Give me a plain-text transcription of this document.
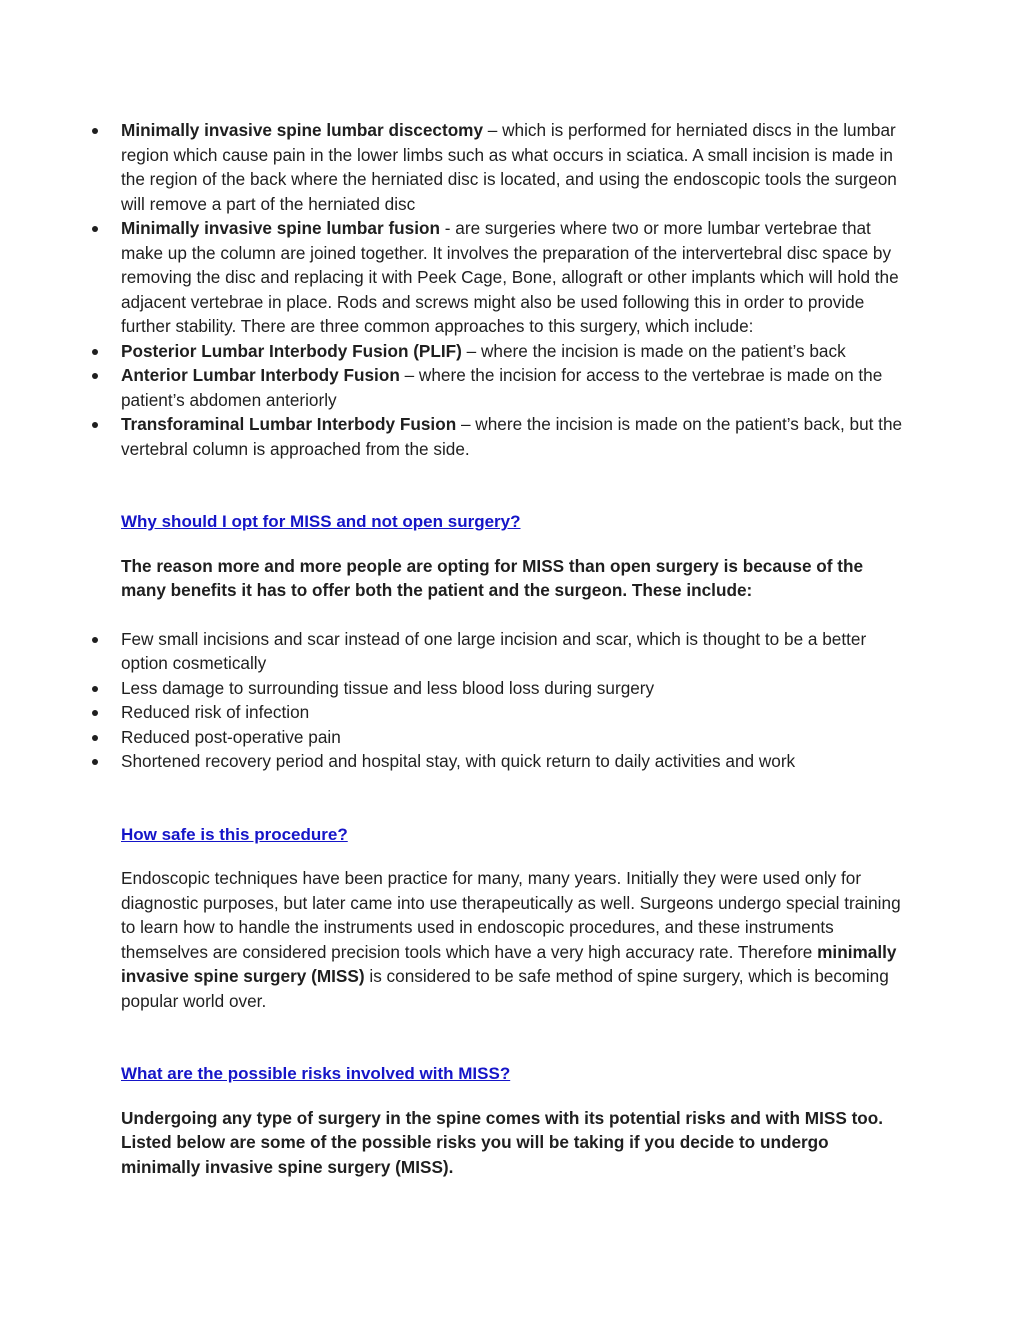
Minimally invasive spine lumbar discectomy – which is performed for herniated discs in the lumbar region which cause pain in the lower limbs such as what occurs in sciatica. A small incision is made in the region of the back where the herniated disc is located, and using the endoscopic tools the surgeon will remove a part of the herniated disc
Minimally invasive spine lumbar fusion - are surgeries where two or more lumbar vertebrae that make up the column are joined together. It involves the preparation of the intervertebral disc space by removing the disc and replacing it with Peek Cage, Bone, allograft or other implants which will hold the adjacent vertebrae in place. Rods and screws might also be used following this in order to provide further stability. There are three common approaches to this surgery, which include:
Posterior Lumbar Interbody Fusion (PLIF) – where the incision is made on the patient’s back
Anterior Lumbar Interbody Fusion – where the incision for access to the vertebrae is made on the patient’s abdomen anteriorly
Transforaminal Lumbar Interbody Fusion – where the incision is made on the patient’s back, but the vertebral column is approached from the side.
Why should I opt for MISS and not open surgery?

The reason more and more people are opting for MISS than open surgery is because of the many benefits it has to offer both the patient and the surgeon. These include:

Few small incisions and scar instead of one large incision and scar, which is thought to be a better option cosmetically
Less damage to surrounding tissue and less blood loss during surgery
Reduced risk of infection
Reduced post-operative pain
Shortened recovery period and hospital stay, with quick return to daily activities and work
How safe is this procedure?

Endoscopic techniques have been practice for many, many years. Initially they were used only for diagnostic purposes, but later came into use therapeutically as well. Surgeons undergo special training to learn how to handle the instruments used in endoscopic procedures, and these instruments themselves are considered precision tools which have a very high accuracy rate. Therefore minimally invasive spine surgery (MISS) is considered to be safe method of spine surgery, which is becoming popular world over.

What are the possible risks involved with MISS?

Undergoing any type of surgery in the spine comes with its potential risks and with MISS too. Listed below are some of the possible risks you will be taking if you decide to undergo minimally invasive spine surgery (MISS).
